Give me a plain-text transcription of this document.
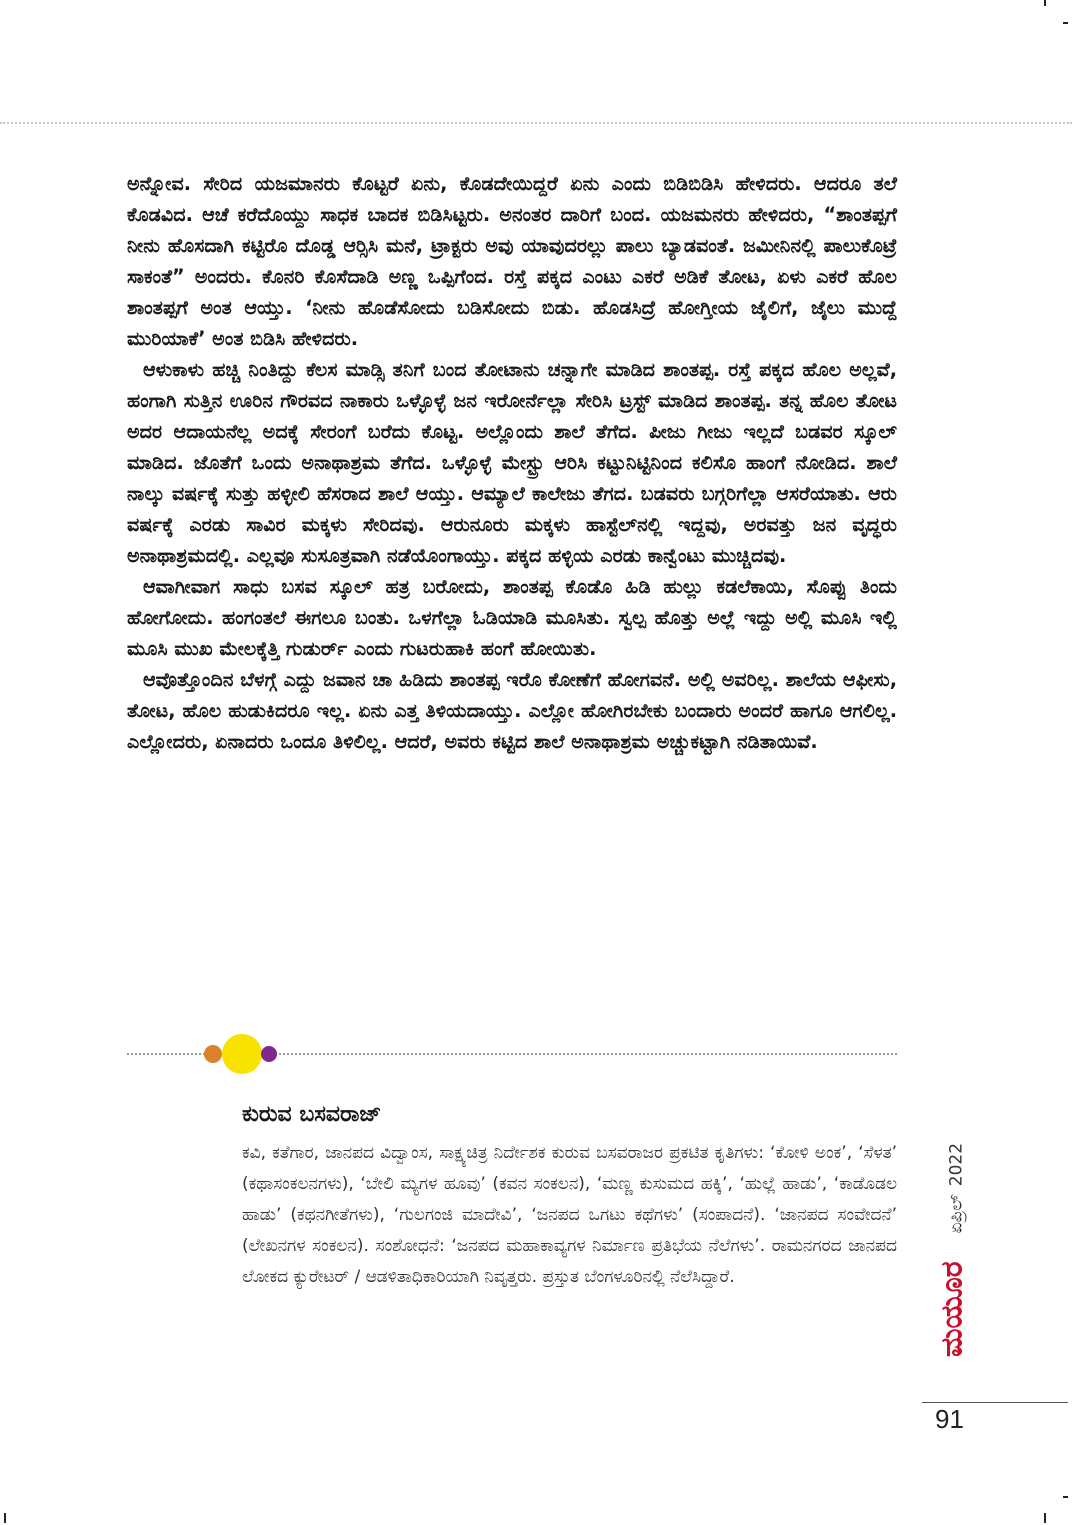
ಅನ್ನೋವ. ಸೇರಿದ ಯಜಮಾನರು ಕೊಟ್ಟರೆ ಏನು, ಕೊಡದೇಯಿದ್ದರೆ ಏನು ಎಂದು ಬಿಡಿಬಿಡಿಸಿ ಹೇಳಿದರು. ಆದರೂ ತಲೆ ಕೊಡವಿದ. ಆಚೆ ಕರೆದೊಯ್ದು ಸಾಧಕ ಬಾದಕ ಬಿಡಿಸಿಟ್ಟರು. ಅನಂತರ ದಾರಿಗೆ ಬಂದ. ಯಜಮನರು ಹೇಳಿದರು, “ಶಾಂತಪ್ಪಗೆ ನೀನು ಹೊಸದಾಗಿ ಕಟ್ಟಿರೊ ದೊಡ್ಡ ಆರ್‍ಸಿಸಿ ಮನೆ, ಟ್ರಾಕ್ಟರು ಅವು ಯಾವುದರಲ್ಲು ಪಾಲು ಬ್ಯಾಡವಂತೆ. ಜಮೀನಿನಲ್ಲಿ ಪಾಲುಕೊಟ್ರೆ ಸಾಕಂತೆ” ಅಂದರು. ಕೊನರಿ ಕೊಸೆದಾಡಿ ಅಣ್ಣ ಒಪ್ಪಿಗೆಂದ. ರಸ್ತೆ ಪಕ್ಕದ ಎಂಟು ಎಕರೆ ಅಡಿಕೆ ತೋಟ, ಏಳು ಎಕರೆ ಹೊಲ ಶಾಂತಪ್ಪಗೆ ಅಂತ ಆಯ್ತು. ‘ನೀನು ಹೊಡೆಸೋದು ಬಡಿಸೋದು ಬಿಡು. ಹೊಡಸಿದ್ರೆ ಹೋಗ್ತೀಯ ಜೈಲಿಗೆ, ಜೈಲು ಮುದ್ದೆ ಮುರಿಯಾಕೆ’ ಅಂತ ಬಿಡಿಸಿ ಹೇಳಿದರು.

ಆಳುಕಾಳು ಹಚ್ಚಿ ನಿಂತಿದ್ದು ಕೆಲಸ ಮಾಡ್ಸಿ ತನಿಗೆ ಬಂದ ತೋಟಾನು ಚನ್ನಾಗೇ ಮಾಡಿದ ಶಾಂತಪ್ಪ. ರಸ್ತೆ ಪಕ್ಕದ ಹೊಲ ಅಲ್ಲವೆ, ಹಂಗಾಗಿ ಸುತ್ತಿನ ಊರಿನ ಗೌರವದ ನಾಕಾರು ಒಳ್ಳೊಳ್ಳೆ ಜನ ಇರೋರ್ನೆಲ್ಲಾ ಸೇರಿಸಿ ಟ್ರಸ್ಟ್ ಮಾಡಿದ ಶಾಂತಪ್ಪ. ತನ್ನ ಹೊಲ ತೋಟ ಅದರ ಆದಾಯನೆಲ್ಲ ಅದಕ್ಕೆ ಸೇರಂಗೆ ಬರೆದು ಕೊಟ್ಟ. ಅಲ್ಲೊಂದು ಶಾಲೆ ತೆಗೆದ. ಪೀಜು ಗೀಜು ಇಲ್ಲದೆ ಬಡವರ ಸ್ಕೂಲ್ ಮಾಡಿದ. ಜೊತೆಗೆ ಒಂದು ಅನಾಥಾಶ್ರಮ ತೆಗೆದ. ಒಳ್ಳೊಳ್ಳೆ ಮೇಸ್ಟ್ರು ಆರಿಸಿ ಕಟ್ಟುನಿಟ್ಟಿನಿಂದ ಕಲಿಸೊ ಹಾಂಗೆ ನೋಡಿದ. ಶಾಲೆ ನಾಲ್ಕು ವರ್ಷಕ್ಕೆ ಸುತ್ತು ಹಳ್ಳೀಲಿ ಹೆಸರಾದ ಶಾಲೆ ಆಯ್ತು. ಆಮ್ಯಾಲೆ ಕಾಲೇಜು ತೆಗದ. ಬಡವರು ಬಗ್ಗರಿಗೆಲ್ಲಾ ಆಸರೆಯಾತು. ಆರು ವರ್ಷಕ್ಕೆ ಎರಡು ಸಾವಿರ ಮಕ್ಕಳು ಸೇರಿದವು. ಆರುನೂರು ಮಕ್ಕಳು ಹಾಸ್ಟೆಲ್‌ನಲ್ಲಿ ಇದ್ದವು, ಅರವತ್ತು ಜನ ವೃದ್ಧರು ಅನಾಥಾಶ್ರಮದಲ್ಲಿ. ಎಲ್ಲವೂ ಸುಸೂತ್ರವಾಗಿ ನಡೆಯೊಂಗಾಯ್ತು. ಪಕ್ಕದ ಹಳ್ಳಿಯ ಎರಡು ಕಾನ್ವೆಂಟು ಮುಚ್ಚಿದವು.

ಆವಾಗೀವಾಗ ಸಾಧು ಬಸವ ಸ್ಕೂಲ್ ಹತ್ರ ಬರೋದು, ಶಾಂತಪ್ಪ ಕೊಡೊ ಹಿಡಿ ಹುಲ್ಲು ಕಡಲೆಕಾಯಿ, ಸೊಪ್ಪು ತಿಂದು ಹೋಗೋದು. ಹಂಗಂತಲೆ ಈಗಲೂ ಬಂತು. ಒಳಗೆಲ್ಲಾ ಓಡಿಯಾಡಿ ಮೂಸಿತು. ಸ್ವಲ್ಪ ಹೊತ್ತು ಅಲ್ಲೆ ಇದ್ದು ಅಲ್ಲಿ ಮೂಸಿ ಇಲ್ಲಿ ಮೂಸಿ ಮುಖ ಮೇಲಕ್ಕೆತ್ತಿ ಗುಡುರ್ರ್ ಎಂದು ಗುಟರುಹಾಕಿ ಹಂಗೆ ಹೋಯಿತು.

ಆವೊತ್ತೊಂದಿನ ಬೆಳಗ್ಗೆ ಎದ್ದು ಜವಾನ ಚಾ ಹಿಡಿದು ಶಾಂತಪ್ಪ ಇರೊ ಕೋಣೆಗೆ ಹೋಗವನೆ. ಅಲ್ಲಿ ಅವರಿಲ್ಲ. ಶಾಲೆಯ ಆಫೀಸು, ತೋಟ, ಹೊಲ ಹುಡುಕಿದರೂ ಇಲ್ಲ. ಏನು ಎತ್ತ ತಿಳಿಯದಾಯ್ತು. ಎಲ್ಲೋ ಹೋಗಿರಬೇಕು ಬಂದಾರು ಅಂದರೆ ಹಾಗೂ ಆಗಲಿಲ್ಲ. ಎಲ್ಲೋದರು, ಏನಾದರು ಒಂದೂ ತಿಳಿಲಿಲ್ಲ. ಆದರೆ, ಅವರು ಕಟ್ಟಿದ ಶಾಲೆ ಅನಾಥಾಶ್ರಮ ಅಚ್ಚುಕಟ್ಟಾಗಿ ನಡಿತಾಯಿವೆ.

ಕುರುವ ಬಸವರಾಜ್

ಕವಿ, ಕತೆಗಾರ, ಜಾನಪದ ವಿದ್ವಾಂಸ, ಸಾಕ್ಷ್ಯಚಿತ್ರ ನಿರ್ದೇಶಕ ಕುರುವ ಬಸವರಾಜರ ಪ್ರಕಟಿತ ಕೃತಿಗಳು: ‘ಕೋಳಿ ಅಂಕ’, ‘ಸೆಳತ’ (ಕಥಾಸಂಕಲನಗಳು), ‘ಬೇಲಿ ಮ್ಯಗಳ ಹೂವು’ (ಕವನ ಸಂಕಲನ), ‘ಮಣ್ಣ ಕುಸುಮದ ಹಕ್ಕಿ’, ‘ಹುಲ್ಲೆ ಹಾಡು’, ‘ಕಾಡೊಡಲ ಹಾಡು’ (ಕಥನಗೀತೆಗಳು), ‘ಗುಲಗಂಜಿ ಮಾದೇವಿ’, ‘ಜನಪದ ಒಗಟು ಕಥೆಗಳು’ (ಸಂಪಾದನೆ). ‘ಜಾನಪದ ಸಂವೇದನೆ’ (ಲೇಖನಗಳ ಸಂಕಲನ). ಸಂಶೋಧನೆ: ‘ಜನಪದ ಮಹಾಕಾವ್ಯಗಳ ನಿರ್ಮಾಣ ಪ್ರತಿಭೆಯ ನೆಲೆಗಳು’. ರಾಮನಗರದ ಜಾನಪದ ಲೋಕದ ಕ್ಯುರೇಟರ್ / ಆಡಳಿತಾಧಿಕಾರಿಯಾಗಿ ನಿವೃತ್ತರು. ಪ್ರಸ್ತುತ ಬೆಂಗಳೂರಿನಲ್ಲಿ ನೆಲೆಸಿದ್ದಾರೆ.	ಮಯೂರಏಪ್ರಿಲ್2022
91
